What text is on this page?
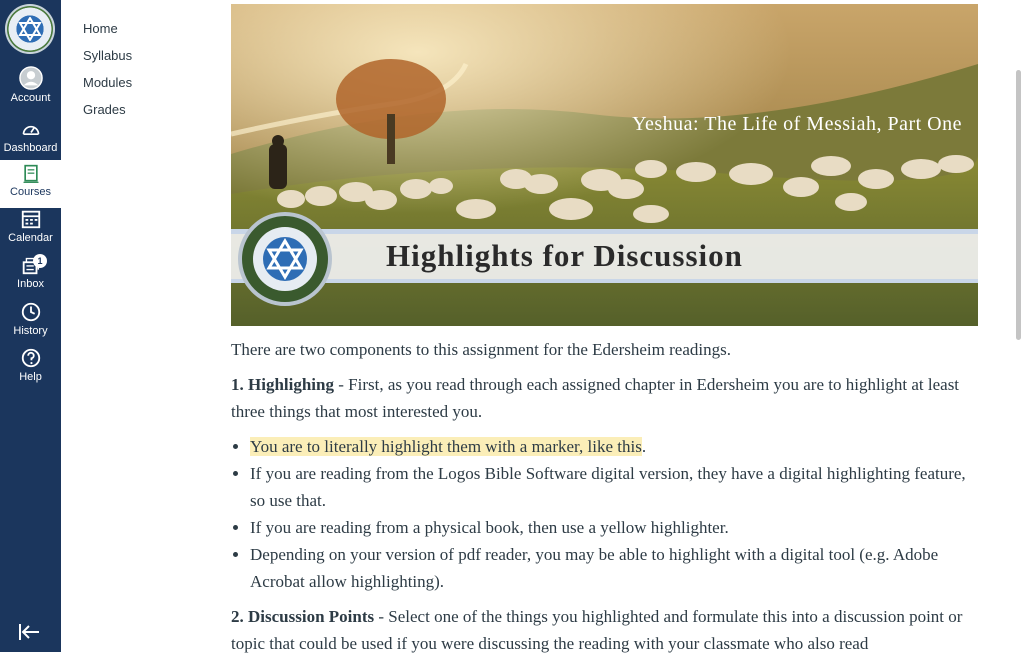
Account
Dashboard
Courses
Calendar
1
Inbox
History
Help
Home
Syllabus
Modules
Grades
Yeshua: The Life of Messiah, Part One
Highlights for Discussion

There are two components to this assignment for the Edersheim readings.

1. Highlighing - First, as you read through each assigned chapter in Edersheim you are to highlight at least three things that most interested you.

• You are to literally highlight them with a marker, like this.
• If you are reading from the Logos Bible Software digital version, they have a digital highlighting feature, so use that.
• If you are reading from a physical book, then use a yellow highlighter.
• Depending on your version of pdf reader, you may be able to highlight with a digital tool (e.g. Adobe Acrobat allow highlighting).

2. Discussion Points - Select one of the things you highlighted and formulate this into a discussion point or topic that could be used if you were discussing the reading with your classmate who also read
